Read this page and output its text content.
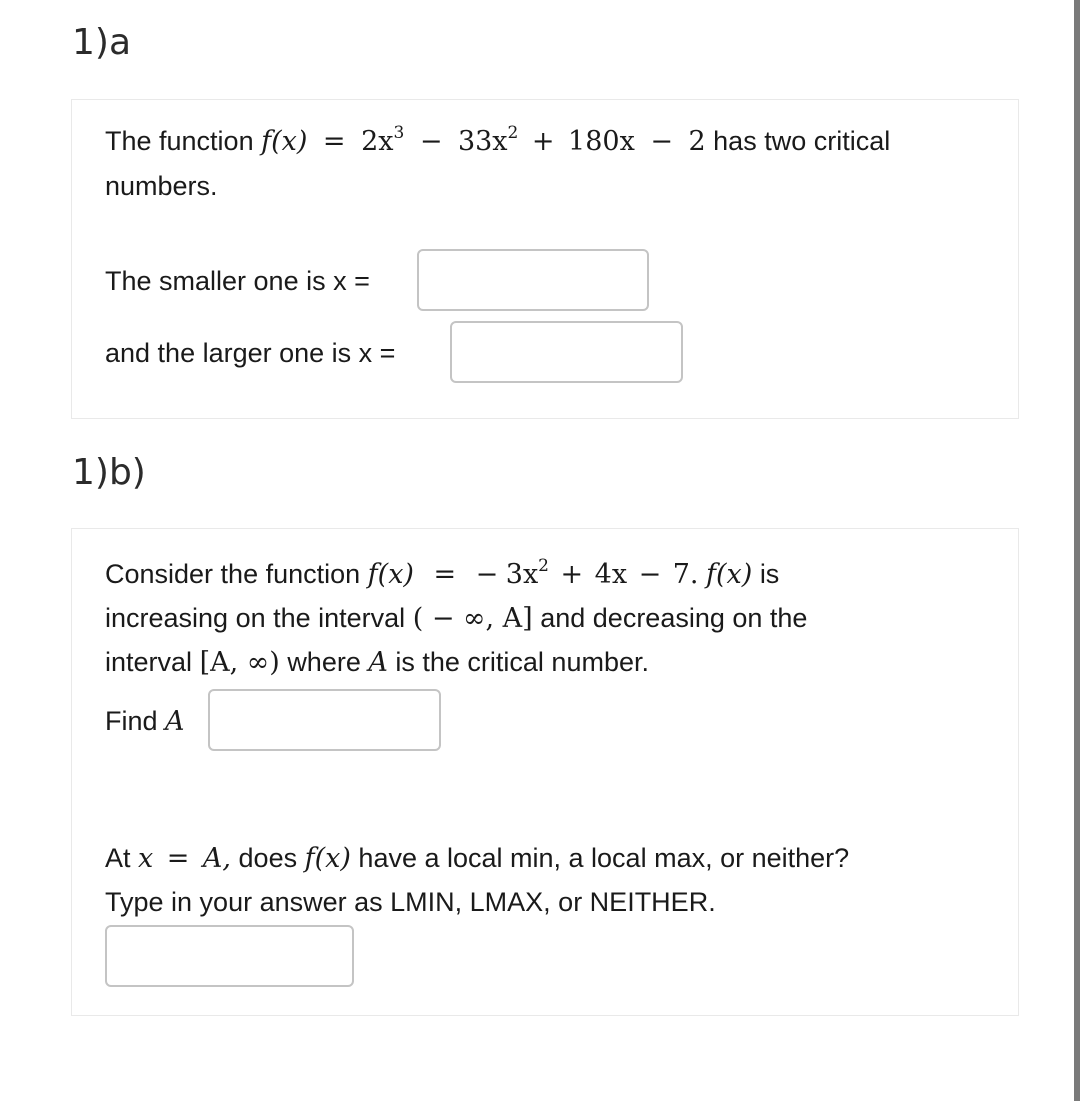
1)a
The function $f(x) = 2x^3 - 33x^2 + 180x - 2$ has two critical
numbers.
The smaller one is x =
and the larger one is x =
1)b)
Consider the function f(x) = − $3x^2 + 4x - 7$. f(x) is
increasing on the interval ( − ∞, A] and decreasing on the
interval [A, ∞) where A is the critical number.
Find A
At x = A, does f(x) have a local min, a local max, or neither?
Type in your answer as LMIN, LMAX, or NEITHER.
